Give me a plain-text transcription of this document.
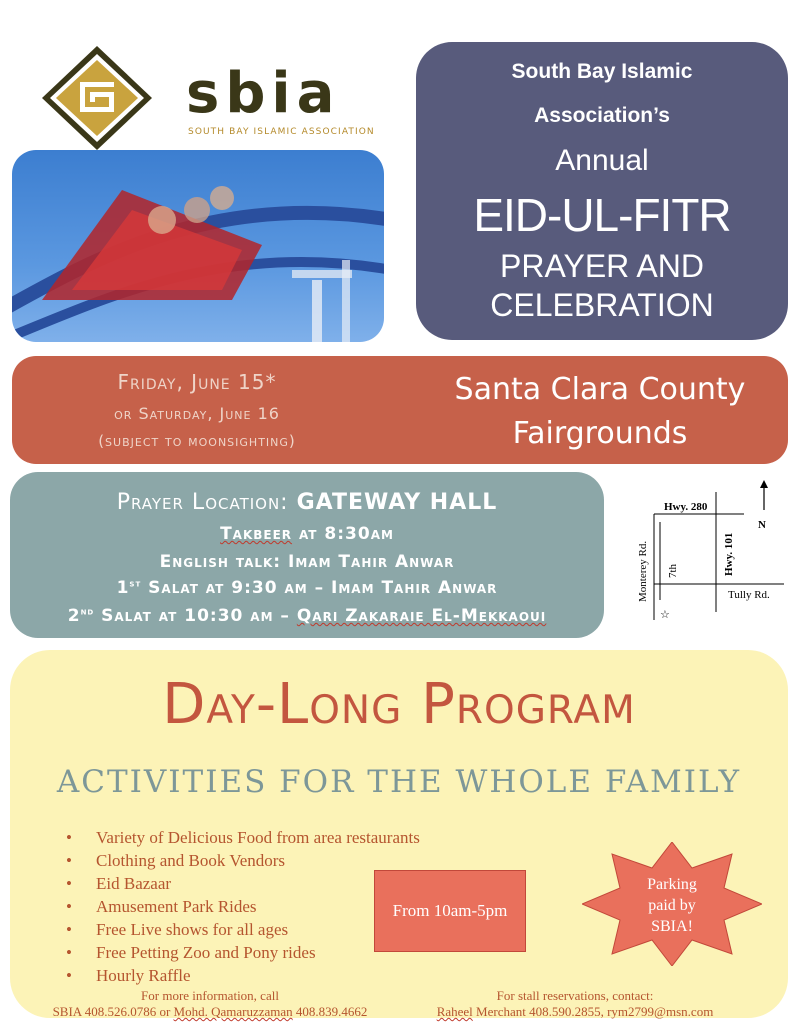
sbia
SOUTH BAY ISLAMIC ASSOCIATION
South Bay Islamic
Association’s
Annual
EID-UL-FITR
PRAYER AND
CELEBRATION
Friday, June 15*
or Saturday, June 16
(subject to moonsighting)
Santa Clara County
Fairgrounds
Prayer Location: GATEWAY HALL
Takbeer at 8:30am
English talk: Imam Tahir Anwar
1st Salat at 9:30 am – Imam Tahir Anwar
2nd Salat at 10:30 am – Qari Zakaraie El-Mekkaoui
Hwy. 280
N
Hwy. 101
Monterey Rd. 7th
Tully Rd.
☆
Day-Long Program
ACTIVITIES FOR THE WHOLE FAMILY
• Variety of Delicious Food from area restaurants
• Clothing and Book Vendors
• Eid Bazaar
• Amusement Park Rides
• Free Live shows for all ages
• Free Petting Zoo and Pony rides
• Hourly Raffle
From 10am-5pm
Parking
paid by
SBIA!
For more information, call
SBIA 408.526.0786 or Mohd. Qamaruzzaman 408.839.4662
For stall reservations, contact:
Raheel Merchant 408.590.2855, rym2799@msn.com
